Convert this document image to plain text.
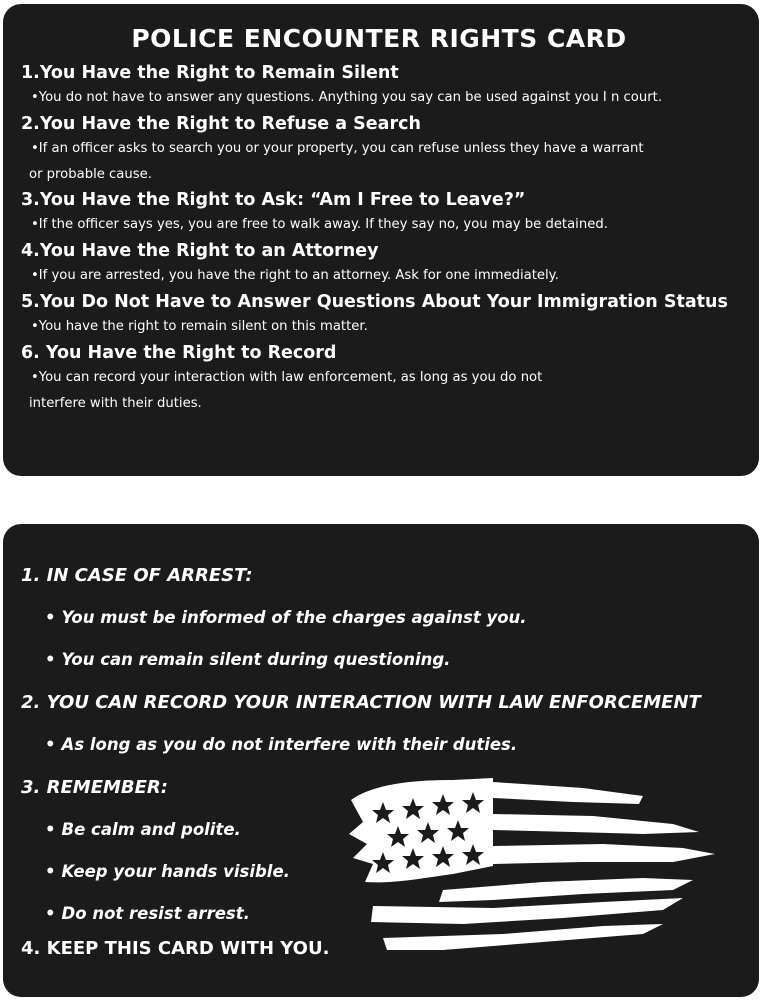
POLICE ENCOUNTER RIGHTS CARD
1.You Have the Right to Remain Silent
•You do not have to answer any questions. Anything you say can be used against you I n court.
2.You Have the Right to Refuse a Search
•If an officer asks to search you or your property, you can refuse unless they have a warrant
or probable cause.
3.You Have the Right to Ask: “Am I Free to Leave?”
•If the officer says yes, you are free to walk away. If they say no, you may be detained.
4.You Have the Right to an Attorney
•If you are arrested, you have the right to an attorney. Ask for one immediately.
5.You Do Not Have to Answer Questions About Your Immigration Status
•You have the right to remain silent on this matter.
6. You Have the Right to Record
•You can record your interaction with law enforcement, as long as you do not
interfere with their duties.
1. IN CASE OF ARREST:
• You must be informed of the charges against you.
• You can remain silent during questioning.
2. YOU CAN RECORD YOUR INTERACTION WITH LAW ENFORCEMENT
• As long as you do not interfere with their duties.
3. REMEMBER:
• Be calm and polite.
• Keep your hands visible.
• Do not resist arrest.
4. KEEP THIS CARD WITH YOU.
